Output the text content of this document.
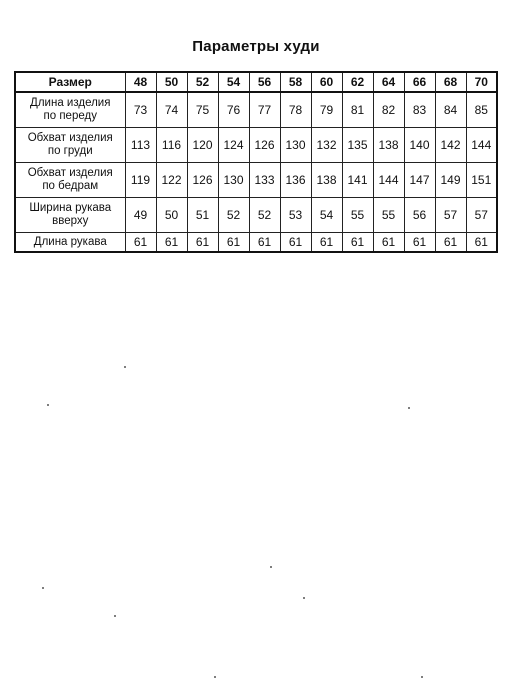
Параметры худи
Размер	48	50	52	54	56	58	60	62	64	66	68	70

Длина изделия
по переду	73	74	75	76	77	78	79	81	82	83	84	85

Обхват изделия
по груди	113	116	120	124	126	130	132	135	138	140	142	144

Обхват изделия
по бедрам	119	122	126	130	133	136	138	141	144	147	149	151

Ширина рукава
вверху	49	50	51	52	52	53	54	55	55	56	57	57

Длина рукава	61	61	61	61	61	61	61	61	61	61	61	61
